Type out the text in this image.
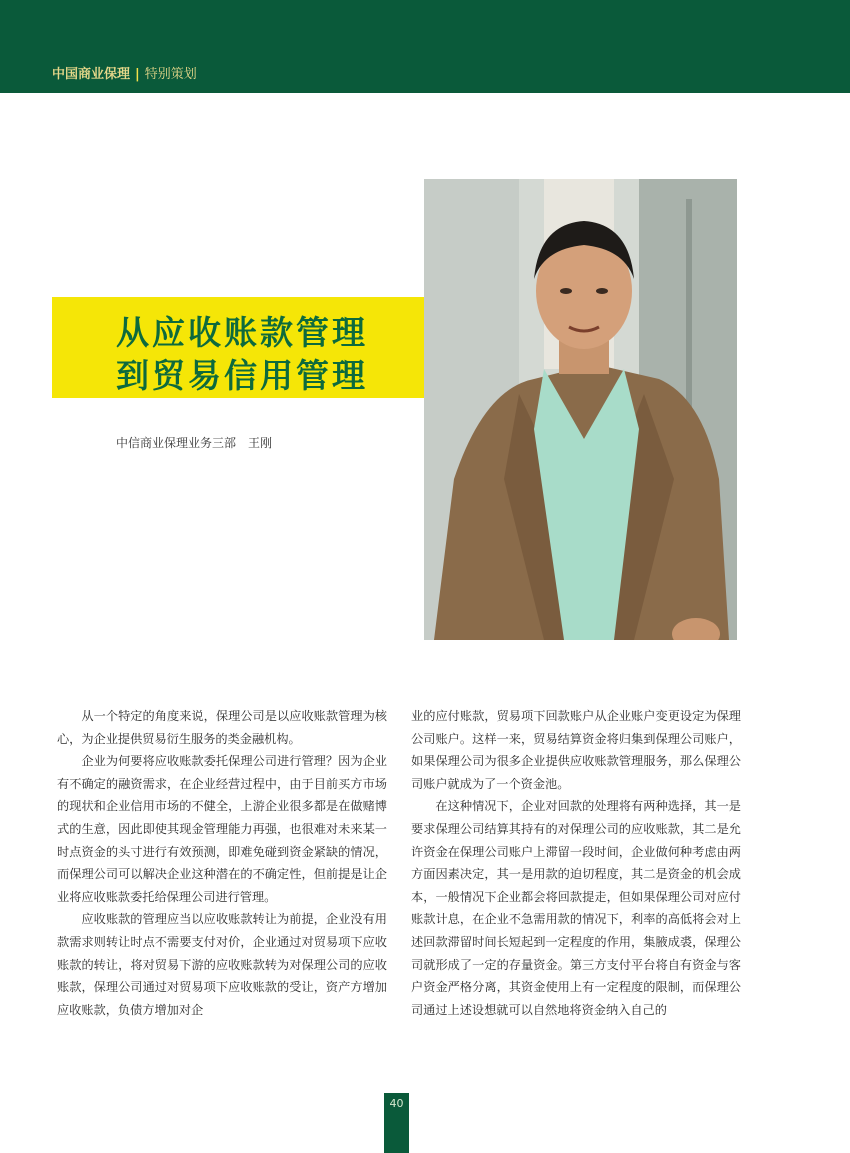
中国商业保理 | 特别策划
从应收账款管理
到贸易信用管理
中信商业保理业务三部 王刚

从一个特定的角度来说，保理公司是以应收账款管理为核心，为企业提供贸易衍生服务的类金融机构。

企业为何要将应收账款委托保理公司进行管理？因为企业有不确定的融资需求，在企业经营过程中，由于目前买方市场的现状和企业信用市场的不健全，上游企业很多都是在做赌博式的生意，因此即使其现金管理能力再强，也很难对未来某一时点资金的头寸进行有效预测，即难免碰到资金紧缺的情况，而保理公司可以解决企业这种潜在的不确定性，但前提是让企业将应收账款委托给保理公司进行管理。

应收账款的管理应当以应收账款转让为前提，企业没有用款需求则转让时点不需要支付对价，企业通过对贸易项下应收账款的转让，将对贸易下游的应收账款转为对保理公司的应收账款，保理公司通过对贸易项下应收账款的受让，资产方增加应收账款，负债方增加对企

业的应付账款，贸易项下回款账户从企业账户变更设定为保理公司账户。这样一来，贸易结算资金将归集到保理公司账户，如果保理公司为很多企业提供应收账款管理服务，那么保理公司账户就成为了一个资金池。

在这种情况下，企业对回款的处理将有两种选择，其一是要求保理公司结算其持有的对保理公司的应收账款，其二是允许资金在保理公司账户上滞留一段时间，企业做何种考虑由两方面因素决定，其一是用款的迫切程度，其二是资金的机会成本，一般情况下企业都会将回款提走，但如果保理公司对应付账款计息，在企业不急需用款的情况下，利率的高低将会对上述回款滞留时间长短起到一定程度的作用，集腋成裘，保理公司就形成了一定的存量资金。第三方支付平台将自有资金与客户资金严格分离，其资金使用上有一定程度的限制，而保理公司通过上述设想就可以自然地将资金纳入自己的

40
